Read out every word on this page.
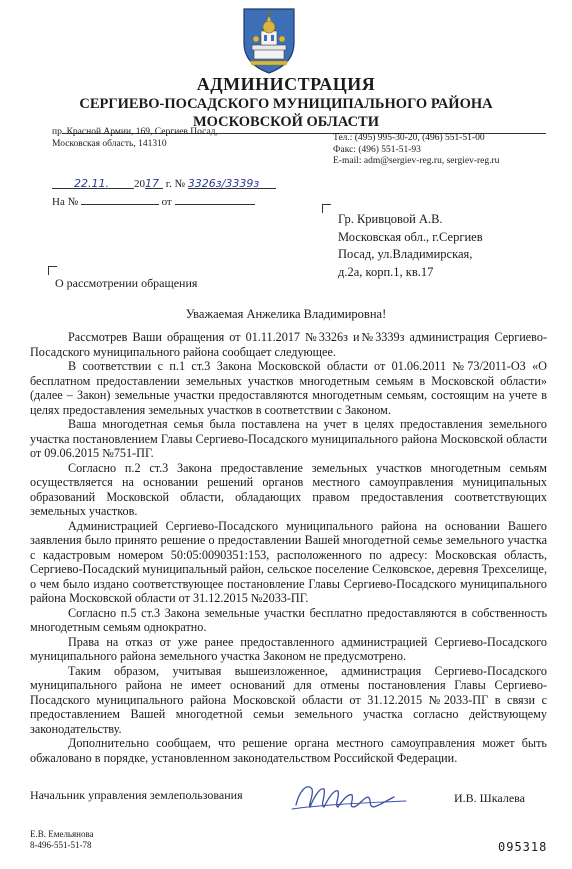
АДМИНИСТРАЦИЯ
СЕРГИЕВО-ПОСАДСКОГО МУНИЦИПАЛЬНОГО РАЙОНА
МОСКОВСКОЙ ОБЛАСТИ
пр. Красной Армии, 169, Сергиев Посад,
Московская область, 141310
Тел.: (495) 995-30-20, (496) 551-51-00
Факс: (496) 551-51-93
E-mail: adm@sergiev-reg.ru, sergiev-reg.ru
22.11. 2017 г. № 3326з/3339з
На №	от
Гр. Кривцовой А.В.
Московская обл., г.Сергиев
Посад, ул.Владимирская,
д.2а, корп.1, кв.17
О рассмотрении обращения
Уважаемая Анжелика Владимировна!

Рассмотрев Ваши обращения от 01.11.2017 №3326з и№3339з администрация Сергиево-Посадского муниципального района сообщает следующее.

В соответствии с п.1 ст.3 Закона Московской области от 01.06.2011 №73/2011-ОЗ «О бесплатном предоставлении земельных участков многодетным семьям в Московской области» (далее – Закон) земельные участки предоставляются многодетным семьям, состоящим на учете в целях предоставления земельных участков в соответствии с Законом.

Ваша многодетная семья была поставлена на учет в целях предоставления земельного участка постановлением Главы Сергиево-Посадского муниципального района Московской области от 09.06.2015 №751-ПГ.

Согласно п.2 ст.3 Закона предоставление земельных участков многодетным семьям осуществляется на основании решений органов местного самоуправления муниципальных образований Московской области, обладающих правом предоставления соответствующих земельных участков.

Администрацией Сергиево-Посадского муниципального района на основании Вашего заявления было принято решение о предоставлении Вашей многодетной семье земельного участка с кадастровым номером 50:05:0090351:153, расположенного по адресу: Московская область, Сергиево-Посадский муниципальный район, сельское поселение Селковское, деревня Трехселище, о чем было издано соответствующее постановление Главы Сергиево-Посадского муниципального района Московской области от 31.12.2015 №2033-ПГ.

Согласно п.5 ст.3 Закона земельные участки бесплатно предоставляются в собственность многодетным семьям однократно.

Права на отказ от уже ранее предоставленного администрацией Сергиево-Посадского муниципального района земельного участка Законом не предусмотрено.

Таким образом, учитывая вышеизложенное, администрация Сергиево-Посадского муниципального района не имеет оснований для отмены постановления Главы Сергиево-Посадского муниципального района Московской области от 31.12.2015 №2033-ПГ в связи с предоставлением Вашей многодетной семьи земельного участка согласно действующему законодательству.

Дополнительно сообщаем, что решение органа местного самоуправления может быть обжаловано в порядке, установленном законодательством Российской Федерации.

Начальник управления землепользования	И.В. Шкалева
Е.В. Емельянова
8-496-551-51-78	095318
